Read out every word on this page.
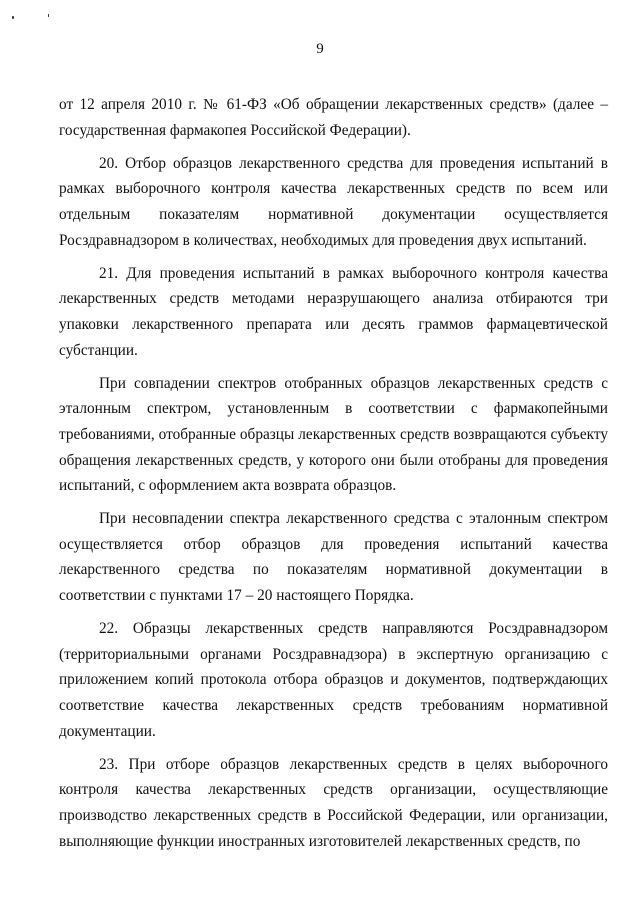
9

от 12 апреля 2010 г. № 61-ФЗ «Об обращении лекарственных средств» (далее – государственная фармакопея Российской Федерации).

20. Отбор образцов лекарственного средства для проведения испытаний в рамках выборочного контроля качества лекарственных средств по всем или отдельным показателям нормативной документации осуществляется Росздравнадзором в количествах, необходимых для проведения двух испытаний.

21. Для проведения испытаний в рамках выборочного контроля качества лекарственных средств методами неразрушающего анализа отбираются три упаковки лекарственного препарата или десять граммов фармацевтической субстанции.

При совпадении спектров отобранных образцов лекарственных средств с эталонным спектром, установленным в соответствии с фармакопейными требованиями, отобранные образцы лекарственных средств возвращаются субъекту обращения лекарственных средств, у которого они были отобраны для проведения испытаний, с оформлением акта возврата образцов.

При несовпадении спектра лекарственного средства с эталонным спектром осуществляется отбор образцов для проведения испытаний качества лекарственного средства по показателям нормативной документации в соответствии с пунктами 17 – 20 настоящего Порядка.

22. Образцы лекарственных средств направляются Росздравнадзором (территориальными органами Росздравнадзора) в экспертную организацию с приложением копий протокола отбора образцов и документов, подтверждающих соответствие качества лекарственных средств требованиям нормативной документации.

23. При отборе образцов лекарственных средств в целях выборочного контроля качества лекарственных средств организации, осуществляющие производство лекарственных средств в Российской Федерации, или организации, выполняющие функции иностранных изготовителей лекарственных средств, по
